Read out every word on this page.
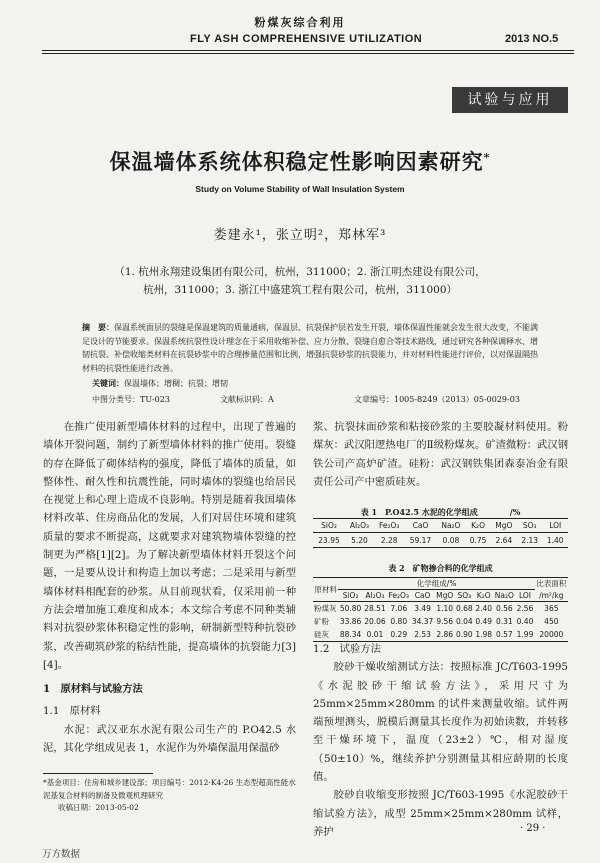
粉煤灰综合利用
FLY ASH COMPREHENSIVE UTILIZATION	2013 NO.5
试验与应用
保温墙体系统体积稳定性影响因素研究*
Study on Volume Stability of Wall Insulation System
娄建永¹，张立明²，郑林军³
（1. 杭州永翔建设集团有限公司，杭州，311000；2. 浙江明杰建设有限公司，
杭州，311000；3. 浙江中盛建筑工程有限公司，杭州，311000）
摘　要：保温系统面层的裂缝是保温建筑的质量通病，保温层、抗裂保护层若发生开裂，墙体保温性能就会发生很大改变，不能满足设计的节能要求。保温系统抗裂性设计理念在于采用收缩补偿、应力分散、裂缝自愈合等技术路线，通过研究各种保调释水、增韧抗裂、补偿收缩类材料在抗裂砂浆中的合理掺量范围和比例，增强抗裂砂浆的抗裂能力，并对材料性能进行评价，以对保温隔热材料的抗裂性能进行改善。
关键词：保温墙体；增稠；抗裂；增韧
中图分类号：TU-023	文献标识码：A	文章编号：1005-8249（2013）05-0029-03

在推广使用新型墙体材料的过程中，出现了普遍的墙体开裂问题，制约了新型墙体材料的推广使用。裂缝的存在降低了砌体结构的强度，降低了墙体的质量，如整体性、耐久性和抗震性能，同时墙体的裂缝也给居民在视觉上和心理上造成不良影响。特别是随着我国墙体材料改革、住房商品化的发展，人们对居住环境和建筑质量的要求不断提高，这就要求对建筑物墙体裂缝的控制更为严格[1][2]。为了解决新型墙体材料开裂这个问题，一是要从设计和构造上加以考虑；二是采用与新型墙体材料相配套的砂浆。从目前现状看，仅采用前一种方法会增加施工难度和成本；本文综合考虑不同种类辅料对抗裂砂浆体积稳定性的影响，研制新型特种抗裂砂浆，改善砌筑砂浆的粘结性能，提高墙体的抗裂能力[3][4]。

1　原材料与试验方法

1.1　原材料

水泥：武汉亚东水泥有限公司生产的 P.O42.5 水泥，其化学组成见表 1，水泥作为外墙保温用保温砂

*基金项目：住房和城乡建设部；项目编号：2012-K4-26 生态型超高性能水泥基复合材料的制备及微观机理研究
收稿日期：2013-05-02
浆、抗裂抹面砂浆和粘接砂浆的主要胶凝材料使用。粉煤灰：武汉阳逻热电厂的Ⅱ级粉煤灰。矿渣微粉：武汉钢铁公司产高炉矿渣。硅粉：武汉钢铁集团森泰冶金有限责任公司产中密质硅灰。
表 1　P.O42.5 水泥的化学组成　　　　/%
SiO₂	Al₂O₃	Fe₂O₃	CaO	Na₂O	K₂O	MgO	SO₃	LOI
23.95	5.20	2.28	59.17	0.08	0.75	2.64	2.13	1.40
表 2　矿物掺合料的化学组成
原材料	化学组成/%									比表面积
	SiO₂	Al₂O₃	Fe₂O₃	CaO	MgO	SO₃	K₂O	Na₂O	LOI	/m²/kg
粉煤灰	50.80	28.51	7.06	3.49	1.10	0.68	2.40	0.56	2.56	365
矿粉	33.86	20.06	0.80	34.37	9.56	0.04	0.49	0.31	0.40	450
硅灰	88.34	0.01	0.29	2.53	2.86	0.90	1.98	0.57	1.99	20000

1.2　试验方法

胶砂干燥收缩测试方法：按照标准 JC/T603-1995《水泥胶砂干缩试验方法》，采用尺寸为 25mm×25mm×280mm 的试件来测量收缩。试件两端预埋测头，脱模后测量其长度作为初始读数，并转移至干燥环境下，温度（23±2）℃，相对湿度（50±10）%，继续养护分别测量其相应龄期的长度值。

胶砂自收缩变形按照 JC/T603-1995《水泥胶砂干缩试验方法》，成型 25mm×25mm×280mm 试样，养护	· 29 ·
万方数据
